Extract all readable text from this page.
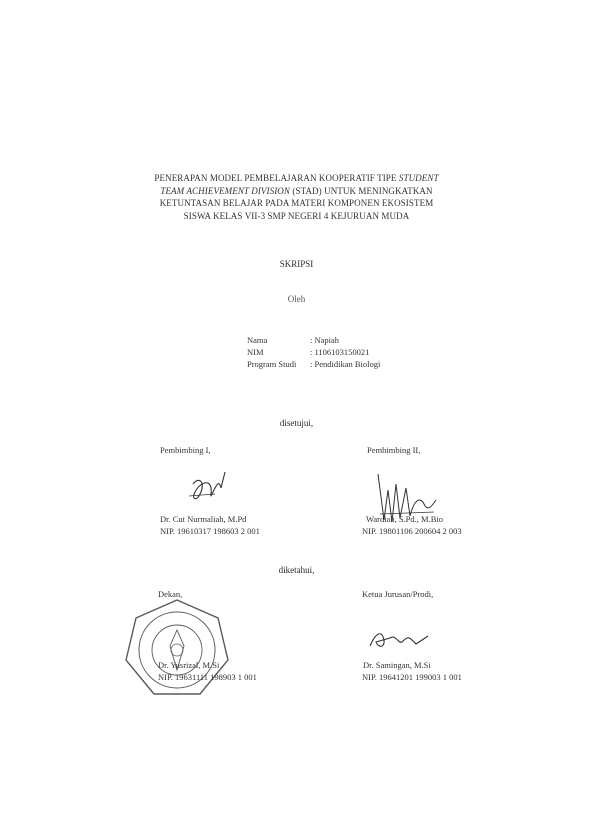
PENERAPAN MODEL PEMBELAJARAN KOOPERATIF TIPE STUDENT
TEAM ACHIEVEMENT DIVISION (STAD) UNTUK MENINGKATKAN
KETUNTASAN BELAJAR PADA MATERI KOMPONEN EKOSISTEM
SISWA KELAS VII-3 SMP NEGERI 4 KEJURUAN MUDA
SKRIPSI
Oleh
Nama	: Napiah
NIM	: 1106103150021
Program Studi : Pendidikan Biologi
disetujui,
Pembimbing I,	Pembimbing II,
Dr. Cut Nurmaliah, M.Pd
NIP. 19610317 198603 2 001
Wardiah, S.Pd., M.Bio
NIP. 19801106 200604 2 003
diketahui,
Dekan,	Ketua Jurusan/Prodi,
Dr. Yusrizal, M.Si
NIP. 19631111 198903 1 001
Dr. Samingan, M.Si
NIP. 19641201 199003 1 001
